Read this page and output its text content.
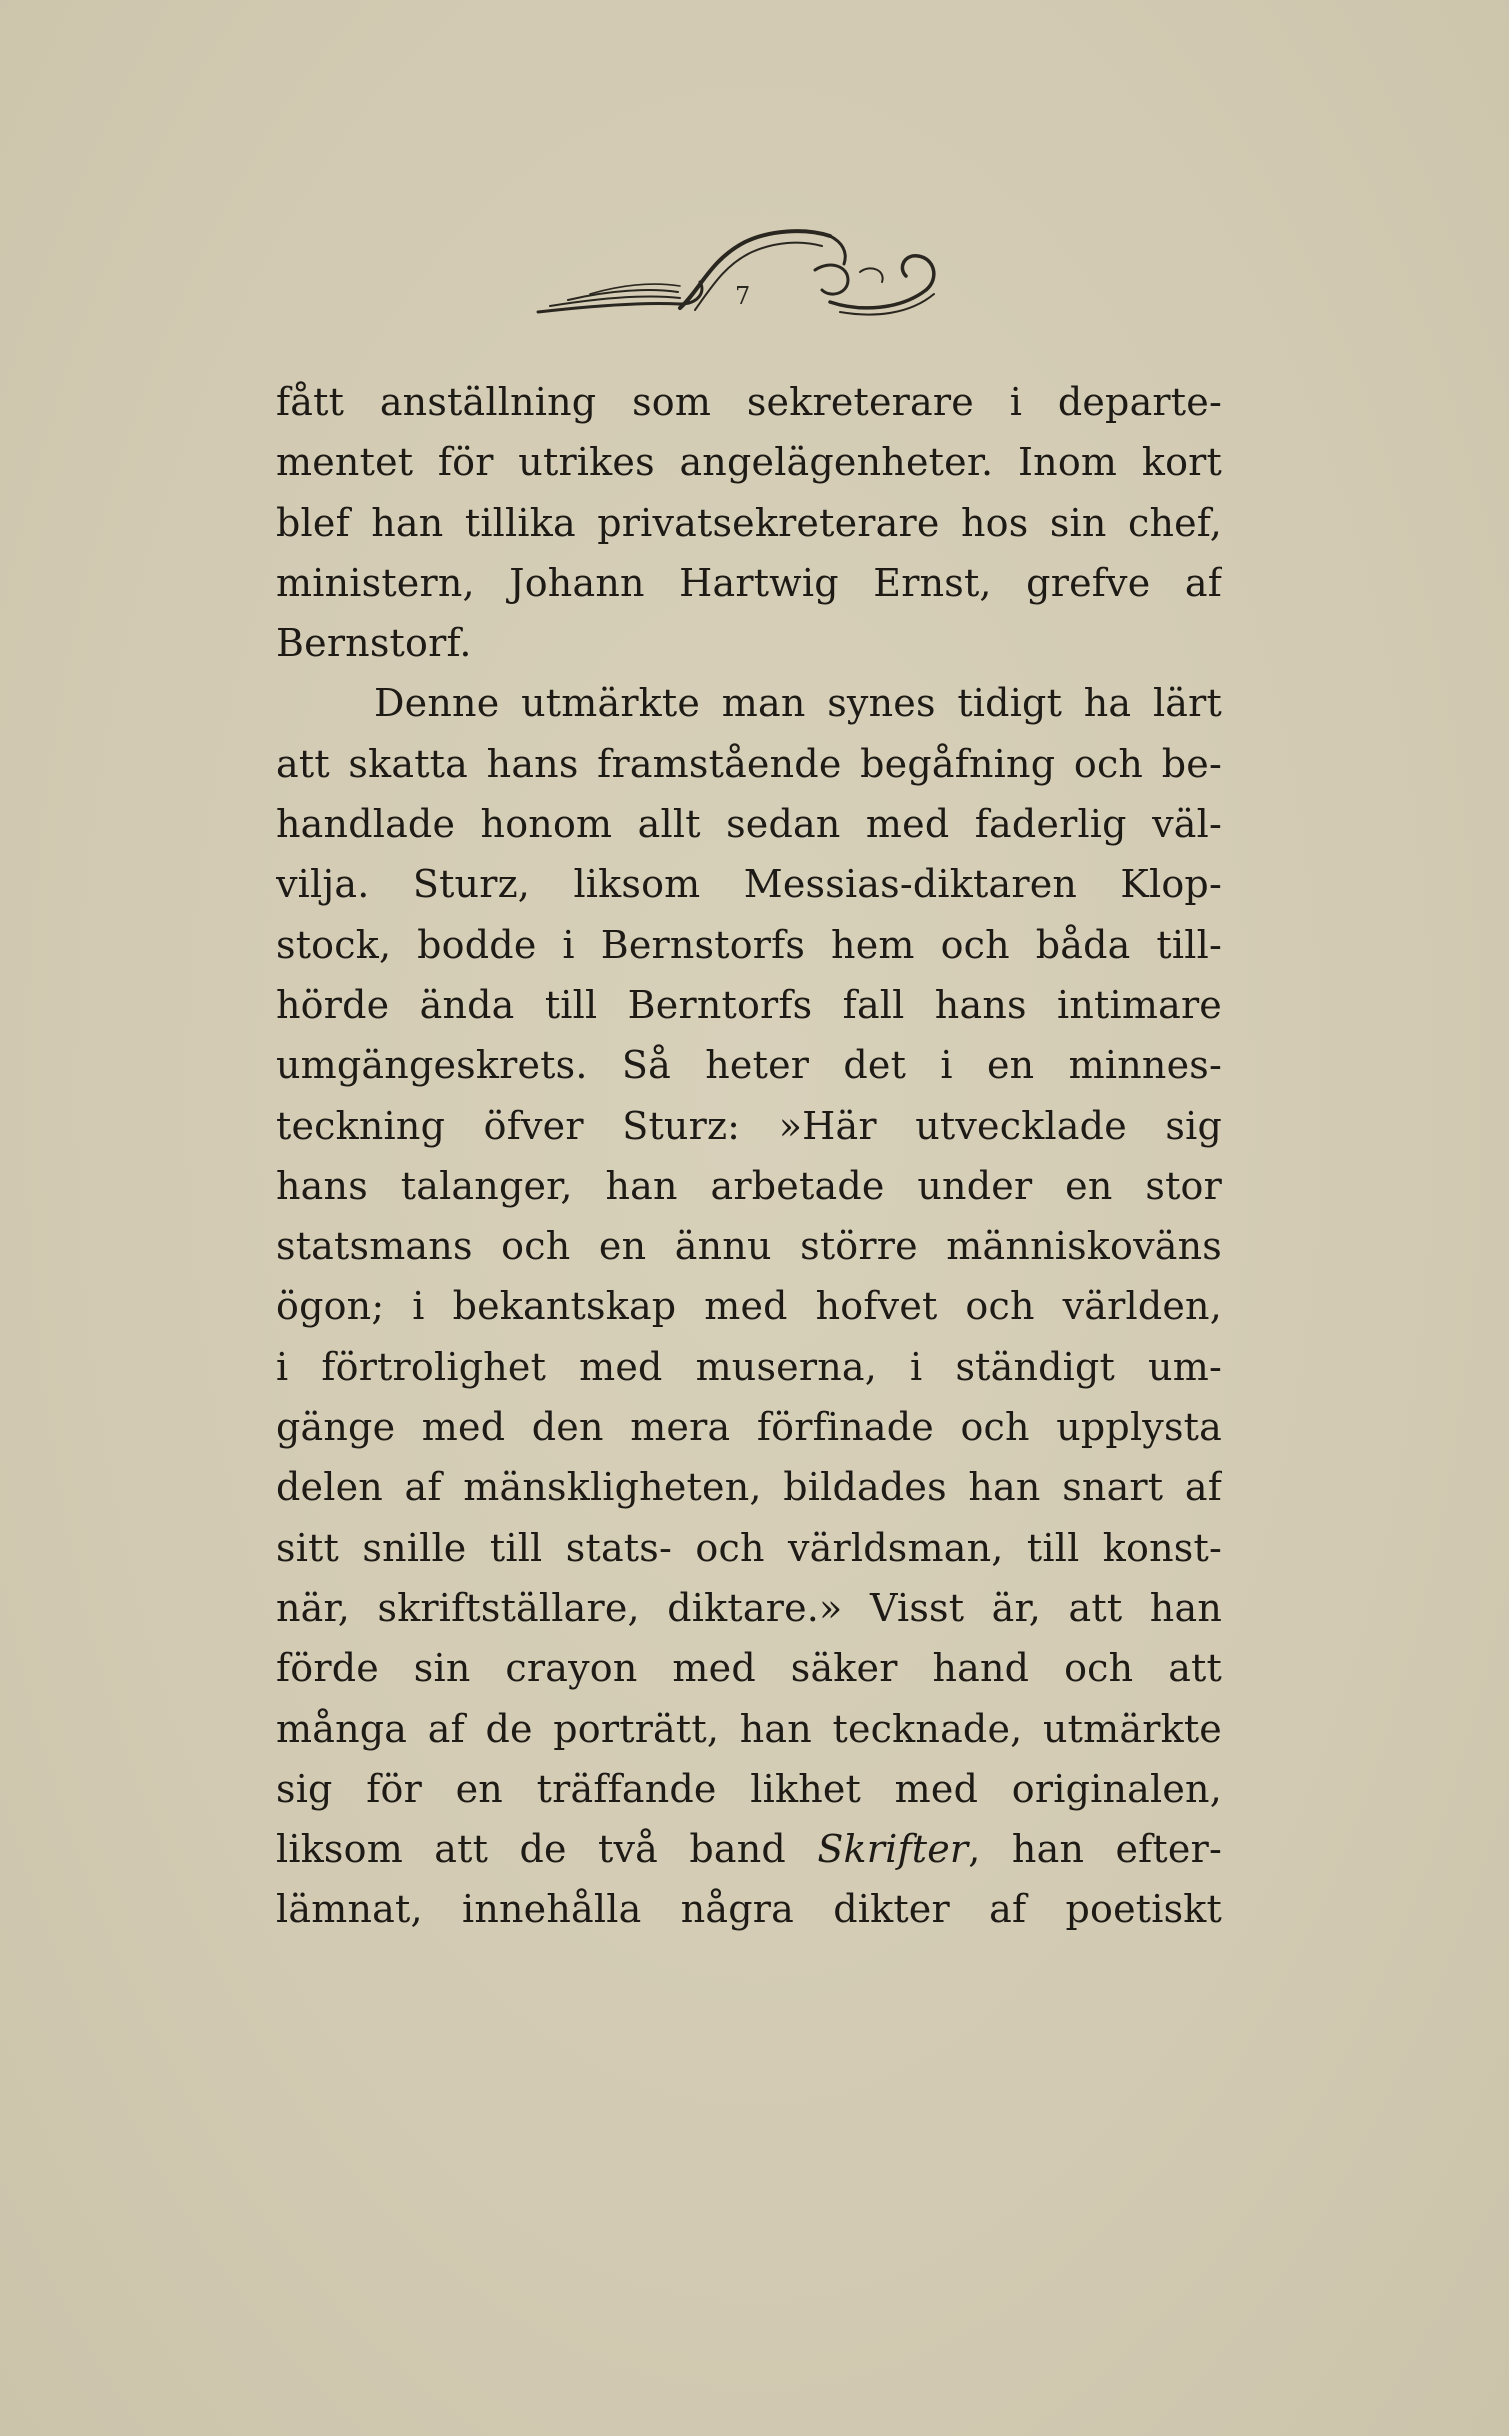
7
fått anställning som sekreterare i departe-
mentet för utrikes angelägenheter. Inom kort
blef han tillika privatsekreterare hos sin chef,
ministern, Johann Hartwig Ernst, grefve af
Bernstorf.
Denne utmärkte man synes tidigt ha lärt
att skatta hans framstående begåfning och be-
handlade honom allt sedan med faderlig väl-
vilja. Sturz, liksom Messias-diktaren Klop-
stock, bodde i Bernstorfs hem och båda till-
hörde ända till Berntorfs fall hans intimare
umgängeskrets. Så heter det i en minnes-
teckning öfver Sturz: »Här utvecklade sig
hans talanger, han arbetade under en stor
statsmans och en ännu större människoväns
ögon; i bekantskap med hofvet och världen,
i förtrolighet med muserna, i ständigt um-
gänge med den mera förfinade och upplysta
delen af mänskligheten, bildades han snart af
sitt snille till stats- och världsman, till konst-
när, skriftställare, diktare.» Visst är, att han
förde sin crayon med säker hand och att
många af de porträtt, han tecknade, utmärkte
sig för en träffande likhet med originalen,
liksom att de två band Skrifter, han efter-
lämnat, innehålla några dikter af poetiskt
